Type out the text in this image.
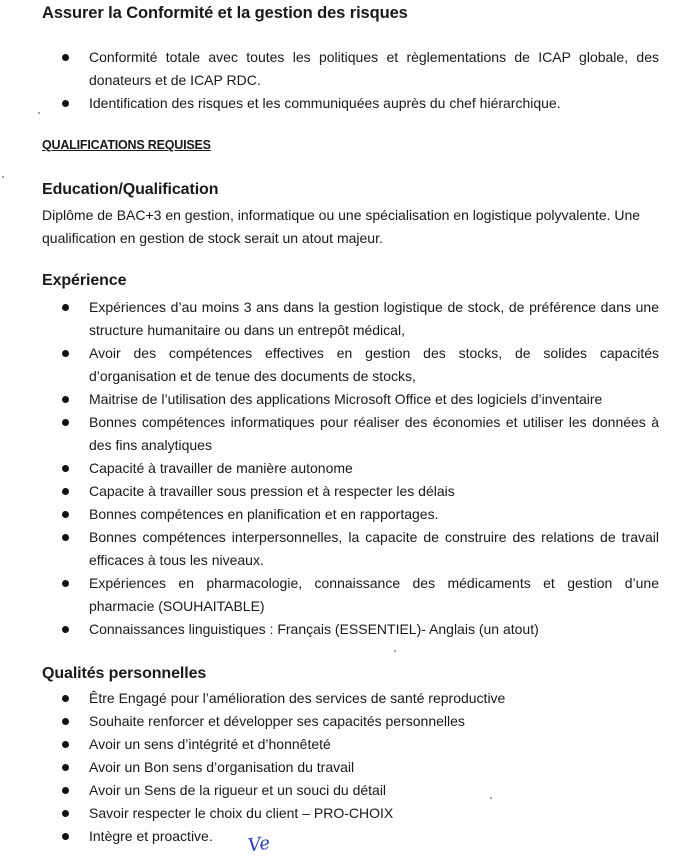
Assurer la Conformité et la gestion des risques
Conformité totale avec toutes les politiques et règlementations de ICAP globale, des donateurs et de ICAP RDC.
Identification des risques et les communiquées auprès du chef hiérarchique.
QUALIFICATIONS REQUISES
Education/Qualification
Diplôme de BAC+3 en gestion, informatique ou une spécialisation en logistique polyvalente. Une qualification en gestion de stock serait un atout majeur.
Expérience
Expériences d’au moins 3 ans dans la gestion logistique de stock, de préférence dans une structure humanitaire ou dans un entrepôt médical,
Avoir des compétences effectives en gestion des stocks, de solides capacités d’organisation et de tenue des documents de stocks,
Maitrise de l’utilisation des applications Microsoft Office et des logiciels d’inventaire
Bonnes compétences informatiques pour réaliser des économies et utiliser les données à des fins analytiques
Capacité à travailler de manière autonome
Capacite à travailler sous pression et à respecter les délais
Bonnes compétences en planification et en rapportages.
Bonnes compétences interpersonnelles, la capacite de construire des relations de travail efficaces à tous les niveaux.
Expériences en pharmacologie, connaissance des médicaments et gestion d’une pharmacie (SOUHAITABLE)
Connaissances linguistiques : Français (ESSENTIEL)- Anglais (un atout)
Qualités personnelles
Être Engagé pour l’amélioration des services de santé reproductive
Souhaite renforcer et développer ses capacités personnelles
Avoir un sens d’intégrité et d’honnêteté
Avoir un Bon sens d’organisation du travail
Avoir un Sens de la rigueur et un souci du détail
Savoir respecter le choix du client – PRO-CHOIX
Intègre et proactive.	Ve
